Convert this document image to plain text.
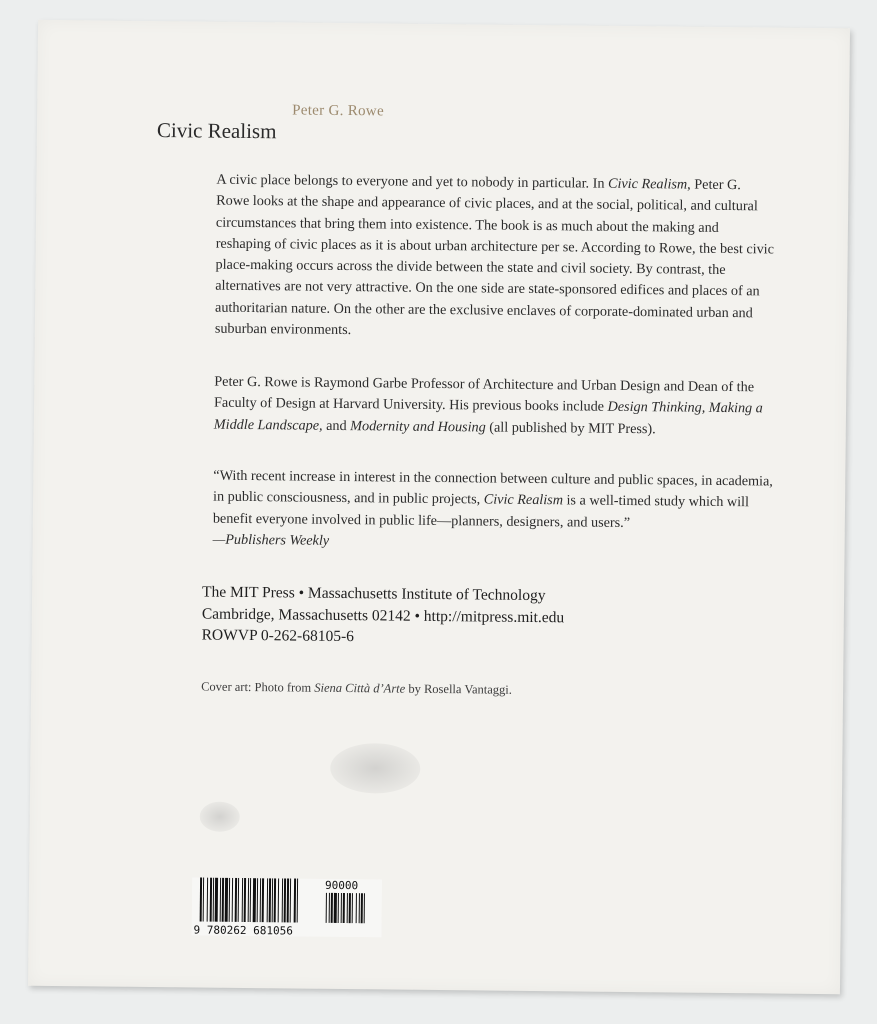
Peter G. Rowe
Civic Realism
A civic place belongs to everyone and yet to nobody in particular. In Civic Realism, Peter G. Rowe looks at the shape and appearance of civic places, and at the social, political, and cultural circumstances that bring them into existence. The book is as much about the making and reshaping of civic places as it is about urban architecture per se. According to Rowe, the best civic place-making occurs across the divide between the state and civil society. By contrast, the alternatives are not very attractive. On the one side are state-sponsored edifices and places of an authoritarian nature. On the other are the exclusive enclaves of corporate-dominated urban and suburban environments.
Peter G. Rowe is Raymond Garbe Professor of Architecture and Urban Design and Dean of the Faculty of Design at Harvard University. His previous books include Design Thinking, Making a Middle Landscape, and Modernity and Housing (all published by MIT Press).
“With recent increase in interest in the connection between culture and public spaces, in academia, in public consciousness, and in public projects, Civic Realism is a well-timed study which will benefit everyone involved in public life—planners, designers, and users.”
—Publishers Weekly
The MIT Press • Massachusetts Institute of Technology
Cambridge, Massachusetts 02142 • http://mitpress.mit.edu
ROWVP 0-262-68105-6
Cover art: Photo from Siena Città d’Arte by Rosella Vantaggi.
9 780262 681056
90000
